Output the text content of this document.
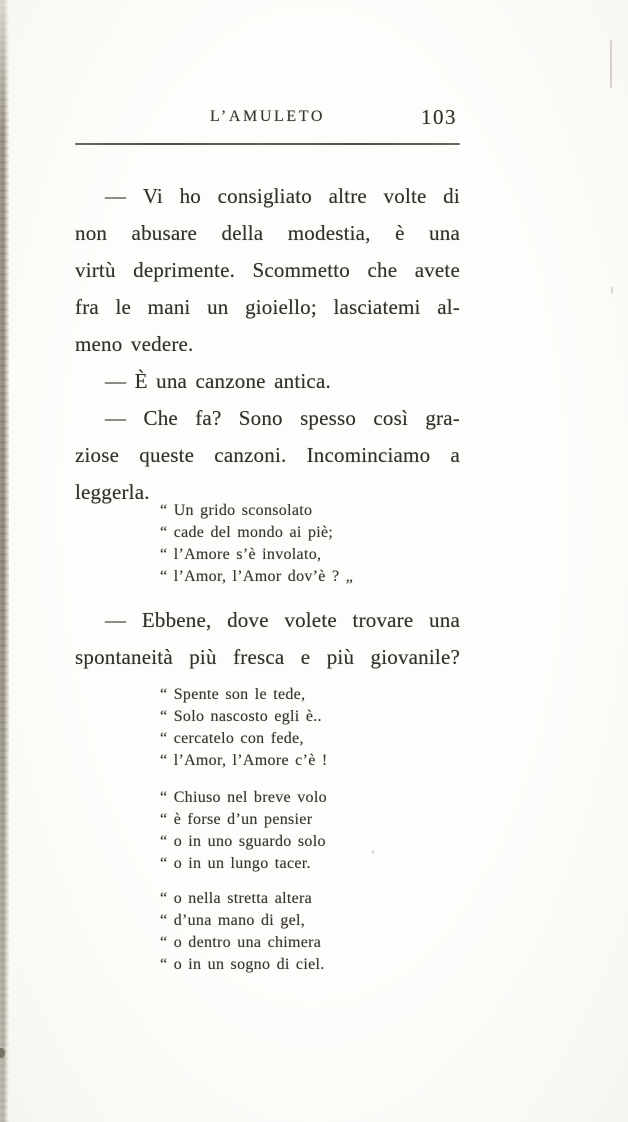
‛
L’AMULETO	103
— Vi ho consigliato altre volte di
non abusare della modestia, è una
virtù deprimente. Scommetto che avete
fra le mani un gioiello; lasciatemi al-
meno vedere.
— È una canzone antica.
— Che fa? Sono spesso così gra-
ziose queste canzoni. Incominciamo a
leggerla.
“ Un grido sconsolato
“ cade del mondo ai piè;
“ l’Amore s’è involato,
“ l’Amor, l’Amor dov’è ? „
— Ebbene, dove volete trovare una
spontaneità più fresca e più giovanile?
“ Spente son le tede,
“ Solo nascosto egli è..
“ cercatelo con fede,
“ l’Amor, l’Amore c’è !
“ Chiuso nel breve volo
“ è forse d’un pensier
“ o in uno sguardo solo
“ o in un lungo tacer.
“ o nella stretta altera
“ d’una mano di gel,
“ o dentro una chimera
“ o in un sogno di ciel.
